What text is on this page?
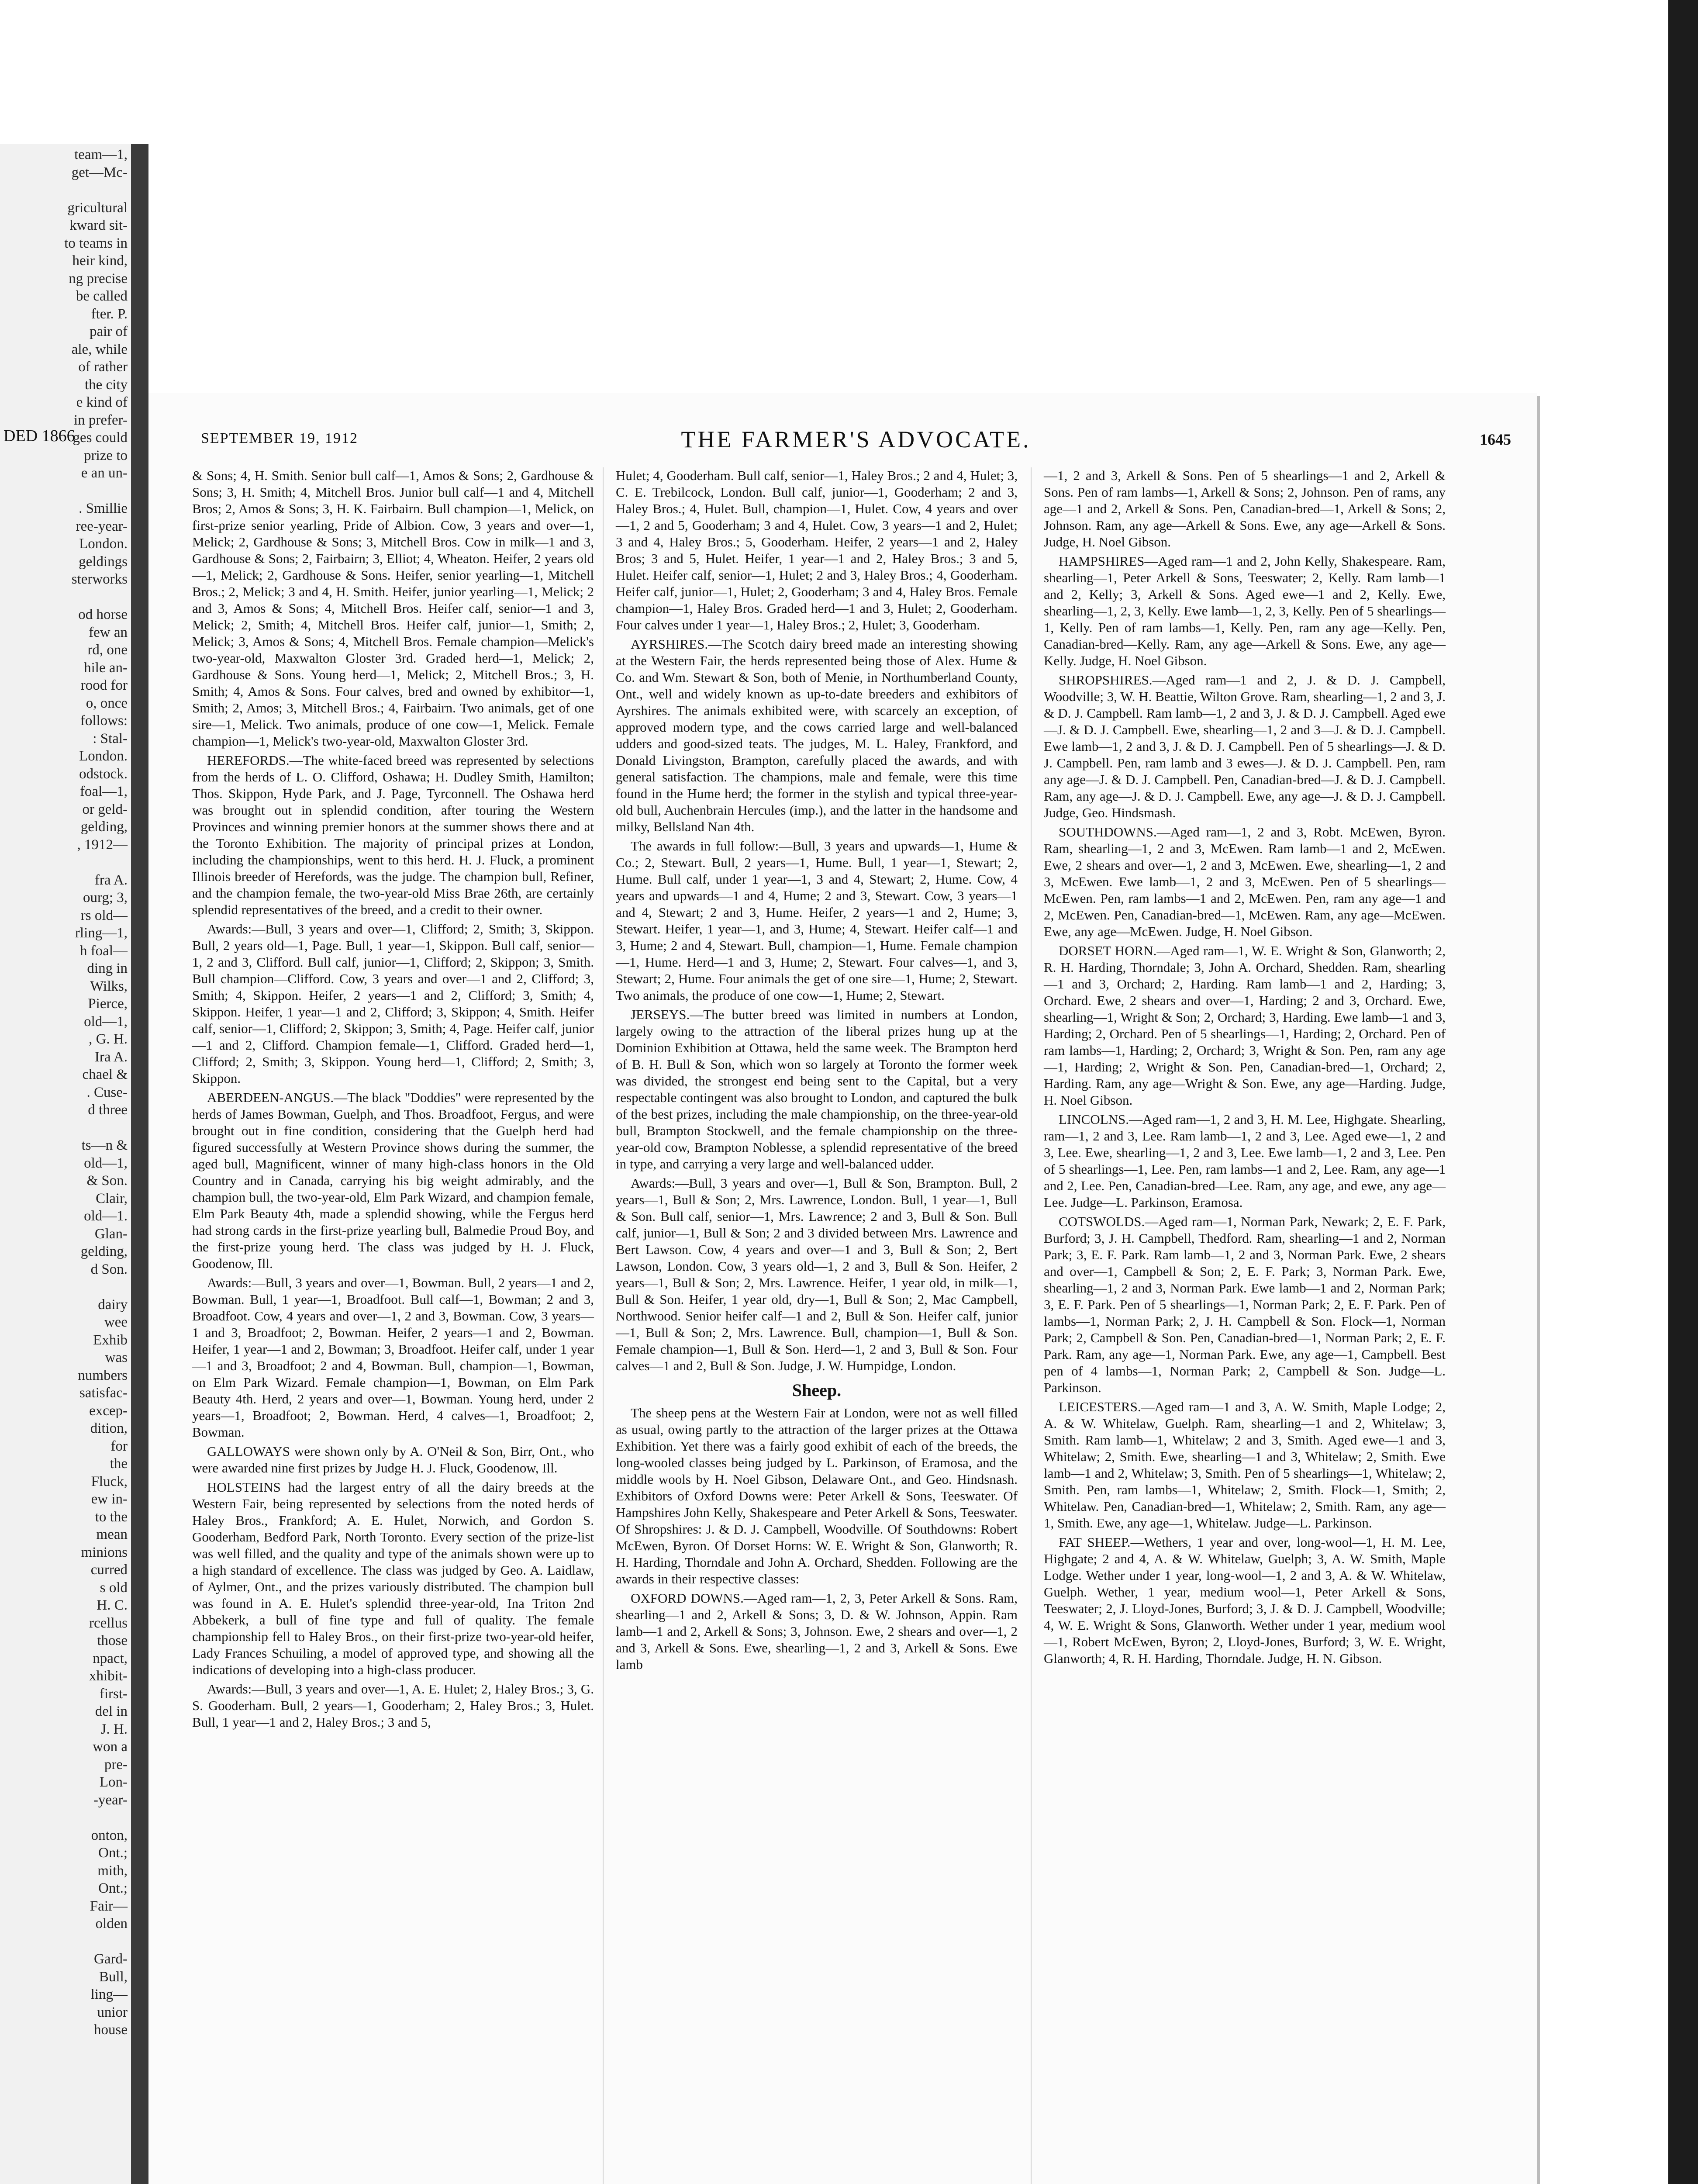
team—1,
get—Mc-

gricultural
kward sit-
to teams in
heir kind,
ng precise
be called
fter. P.
pair of
ale, while
of rather
the city
e kind of
in prefer-
ges could
prize to
e an un-

. Smillie
ree-year-
London.
geldings
sterworks

od horse
few an
rd, one
hile an-
rood for
o, once
follows:
: Stal-
London.
odstock.
foal—1,
or geld-
gelding,
, 1912—

fra A.
ourg; 3,
rs old—
rling—1,
h foal—
ding in
Wilks,
Pierce,
old—1,
, G. H.
Ira A.
chael &
. Cuse-
d three

ts—n &
old—1,
& Son.
Clair,
old—1.
Glan-
gelding,
d Son.

dairy
wee
Exhib
was
numbers
satisfac-
excep-
dition,
for
the
Fluck,
ew in-
to the
mean
minions
curred
s old
H. C.
rcellus
those
npact,
xhibit-
first-
del in
J. H.
won a
pre-
Lon-
-year-

onton,
Ont.;
mith,
Ont.;
Fair—
olden

Gard-
Bull,
ling—
unior
house
DED 1866	SEPTEMBER 19, 1912	THE FARMER'S ADVOCATE.	1645

& Sons; 4, H. Smith. Senior bull calf—1, Amos & Sons; 2, Gardhouse & Sons; 3, H. Smith; 4, Mitchell Bros. Junior bull calf—1 and 4, Mitchell Bros; 2, Amos & Sons; 3, H. K. Fairbairn. Bull champion—1, Melick, on first-prize senior yearling, Pride of Albion. Cow, 3 years and over—1, Melick; 2, Gardhouse & Sons; 3, Mitchell Bros. Cow in milk—1 and 3, Gardhouse & Sons; 2, Fairbairn; 3, Elliot; 4, Wheaton. Heifer, 2 years old—1, Melick; 2, Gardhouse & Sons. Heifer, senior yearling—1, Mitchell Bros.; 2, Melick; 3 and 4, H. Smith. Heifer, junior yearling—1, Melick; 2 and 3, Amos & Sons; 4, Mitchell Bros. Heifer calf, senior—1 and 3, Melick; 2, Smith; 4, Mitchell Bros. Heifer calf, junior—1, Smith; 2, Melick; 3, Amos & Sons; 4, Mitchell Bros. Female champion—Melick's two-year-old, Maxwalton Gloster 3rd. Graded herd—1, Melick; 2, Gardhouse & Sons. Young herd—1, Melick; 2, Mitchell Bros.; 3, H. Smith; 4, Amos & Sons. Four calves, bred and owned by exhibitor—1, Smith; 2, Amos; 3, Mitchell Bros.; 4, Fairbairn. Two animals, get of one sire—1, Melick. Two animals, produce of one cow—1, Melick. Female champion—1, Melick's two-year-old, Maxwalton Gloster 3rd.

HEREFORDS.—The white-faced breed was represented by selections from the herds of L. O. Clifford, Oshawa; H. Dudley Smith, Hamilton; Thos. Skippon, Hyde Park, and J. Page, Tyrconnell. The Oshawa herd was brought out in splendid condition, after touring the Western Provinces and winning premier honors at the summer shows there and at the Toronto Exhibition. The majority of principal prizes at London, including the championships, went to this herd. H. J. Fluck, a prominent Illinois breeder of Herefords, was the judge. The champion bull, Refiner, and the champion female, the two-year-old Miss Brae 26th, are certainly splendid representatives of the breed, and a credit to their owner.

Awards:—Bull, 3 years and over—1, Clifford; 2, Smith; 3, Skippon. Bull, 2 years old—1, Page. Bull, 1 year—1, Skippon. Bull calf, senior—1, 2 and 3, Clifford. Bull calf, junior—1, Clifford; 2, Skippon; 3, Smith. Bull champion—Clifford. Cow, 3 years and over—1 and 2, Clifford; 3, Smith; 4, Skippon. Heifer, 2 years—1 and 2, Clifford; 3, Smith; 4, Skippon. Heifer, 1 year—1 and 2, Clifford; 3, Skippon; 4, Smith. Heifer calf, senior—1, Clifford; 2, Skippon; 3, Smith; 4, Page. Heifer calf, junior—1 and 2, Clifford. Champion female—1, Clifford. Graded herd—1, Clifford; 2, Smith; 3, Skippon. Young herd—1, Clifford; 2, Smith; 3, Skippon.

ABERDEEN-ANGUS.—The black "Doddies" were represented by the herds of James Bowman, Guelph, and Thos. Broadfoot, Fergus, and were brought out in fine condition, considering that the Guelph herd had figured successfully at Western Province shows during the summer, the aged bull, Magnificent, winner of many high-class honors in the Old Country and in Canada, carrying his big weight admirably, and the champion bull, the two-year-old, Elm Park Wizard, and champion female, Elm Park Beauty 4th, made a splendid showing, while the Fergus herd had strong cards in the first-prize yearling bull, Balmedie Proud Boy, and the first-prize young herd. The class was judged by H. J. Fluck, Goodenow, Ill.

Awards:—Bull, 3 years and over—1, Bowman. Bull, 2 years—1 and 2, Bowman. Bull, 1 year—1, Broadfoot. Bull calf—1, Bowman; 2 and 3, Broadfoot. Cow, 4 years and over—1, 2 and 3, Bowman. Cow, 3 years—1 and 3, Broadfoot; 2, Bowman. Heifer, 2 years—1 and 2, Bowman. Heifer, 1 year—1 and 2, Bowman; 3, Broadfoot. Heifer calf, under 1 year—1 and 3, Broadfoot; 2 and 4, Bowman. Bull, champion—1, Bowman, on Elm Park Wizard. Female champion—1, Bowman, on Elm Park Beauty 4th. Herd, 2 years and over—1, Bowman. Young herd, under 2 years—1, Broadfoot; 2, Bowman. Herd, 4 calves—1, Broadfoot; 2, Bowman.

GALLOWAYS were shown only by A. O'Neil & Son, Birr, Ont., who were awarded nine first prizes by Judge H. J. Fluck, Goodenow, Ill.

HOLSTEINS had the largest entry of all the dairy breeds at the Western Fair, being represented by selections from the noted herds of Haley Bros., Frankford; A. E. Hulet, Norwich, and Gordon S. Gooderham, Bedford Park, North Toronto. Every section of the prize-list was well filled, and the quality and type of the animals shown were up to a high standard of excellence. The class was judged by Geo. A. Laidlaw, of Aylmer, Ont., and the prizes variously distributed. The champion bull was found in A. E. Hulet's splendid three-year-old, Ina Triton 2nd Abbekerk, a bull of fine type and full of quality. The female championship fell to Haley Bros., on their first-prize two-year-old heifer, Lady Frances Schuiling, a model of approved type, and showing all the indications of developing into a high-class producer.

Awards:—Bull, 3 years and over—1, A. E. Hulet; 2, Haley Bros.; 3, G. S. Gooderham. Bull, 2 years—1, Gooderham; 2, Haley Bros.; 3, Hulet. Bull, 1 year—1 and 2, Haley Bros.; 3 and 5,

Hulet; 4, Gooderham. Bull calf, senior—1, Haley Bros.; 2 and 4, Hulet; 3, C. E. Trebilcock, London. Bull calf, junior—1, Gooderham; 2 and 3, Haley Bros.; 4, Hulet. Bull, champion—1, Hulet. Cow, 4 years and over—1, 2 and 5, Gooderham; 3 and 4, Hulet. Cow, 3 years—1 and 2, Hulet; 3 and 4, Haley Bros.; 5, Gooderham. Heifer, 2 years—1 and 2, Haley Bros; 3 and 5, Hulet. Heifer, 1 year—1 and 2, Haley Bros.; 3 and 5, Hulet. Heifer calf, senior—1, Hulet; 2 and 3, Haley Bros.; 4, Gooderham. Heifer calf, junior—1, Hulet; 2, Gooderham; 3 and 4, Haley Bros. Female champion—1, Haley Bros. Graded herd—1 and 3, Hulet; 2, Gooderham. Four calves under 1 year—1, Haley Bros.; 2, Hulet; 3, Gooderham.

AYRSHIRES.—The Scotch dairy breed made an interesting showing at the Western Fair, the herds represented being those of Alex. Hume & Co. and Wm. Stewart & Son, both of Menie, in Northumberland County, Ont., well and widely known as up-to-date breeders and exhibitors of Ayrshires. The animals exhibited were, with scarcely an exception, of approved modern type, and the cows carried large and well-balanced udders and good-sized teats. The judges, M. L. Haley, Frankford, and Donald Livingston, Brampton, carefully placed the awards, and with general satisfaction. The champions, male and female, were this time found in the Hume herd; the former in the stylish and typical three-year-old bull, Auchenbrain Hercules (imp.), and the latter in the handsome and milky, Bellsland Nan 4th.

The awards in full follow:—Bull, 3 years and upwards—1, Hume & Co.; 2, Stewart. Bull, 2 years—1, Hume. Bull, 1 year—1, Stewart; 2, Hume. Bull calf, under 1 year—1, 3 and 4, Stewart; 2, Hume. Cow, 4 years and upwards—1 and 4, Hume; 2 and 3, Stewart. Cow, 3 years—1 and 4, Stewart; 2 and 3, Hume. Heifer, 2 years—1 and 2, Hume; 3, Stewart. Heifer, 1 year—1, and 3, Hume; 4, Stewart. Heifer calf—1 and 3, Hume; 2 and 4, Stewart. Bull, champion—1, Hume. Female champion—1, Hume. Herd—1 and 3, Hume; 2, Stewart. Four calves—1, and 3, Stewart; 2, Hume. Four animals the get of one sire—1, Hume; 2, Stewart. Two animals, the produce of one cow—1, Hume; 2, Stewart.

JERSEYS.—The butter breed was limited in numbers at London, largely owing to the attraction of the liberal prizes hung up at the Dominion Exhibition at Ottawa, held the same week. The Brampton herd of B. H. Bull & Son, which won so largely at Toronto the former week was divided, the strongest end being sent to the Capital, but a very respectable contingent was also brought to London, and captured the bulk of the best prizes, including the male championship, on the three-year-old bull, Brampton Stockwell, and the female championship on the three-year-old cow, Brampton Noblesse, a splendid representative of the breed in type, and carrying a very large and well-balanced udder.

Awards:—Bull, 3 years and over—1, Bull & Son, Brampton. Bull, 2 years—1, Bull & Son; 2, Mrs. Lawrence, London. Bull, 1 year—1, Bull & Son. Bull calf, senior—1, Mrs. Lawrence; 2 and 3, Bull & Son. Bull calf, junior—1, Bull & Son; 2 and 3 divided between Mrs. Lawrence and Bert Lawson. Cow, 4 years and over—1 and 3, Bull & Son; 2, Bert Lawson, London. Cow, 3 years old—1, 2 and 3, Bull & Son. Heifer, 2 years—1, Bull & Son; 2, Mrs. Lawrence. Heifer, 1 year old, in milk—1, Bull & Son. Heifer, 1 year old, dry—1, Bull & Son; 2, Mac Campbell, Northwood. Senior heifer calf—1 and 2, Bull & Son. Heifer calf, junior—1, Bull & Son; 2, Mrs. Lawrence. Bull, champion—1, Bull & Son. Female champion—1, Bull & Son. Herd—1, 2 and 3, Bull & Son. Four calves—1 and 2, Bull & Son. Judge, J. W. Humpidge, London.

Sheep.

The sheep pens at the Western Fair at London, were not as well filled as usual, owing partly to the attraction of the larger prizes at the Ottawa Exhibition. Yet there was a fairly good exhibit of each of the breeds, the long-wooled classes being judged by L. Parkinson, of Eramosa, and the middle wools by H. Noel Gibson, Delaware Ont., and Geo. Hindsnash. Exhibitors of Oxford Downs were: Peter Arkell & Sons, Teeswater. Of Hampshires John Kelly, Shakespeare and Peter Arkell & Sons, Teeswater. Of Shropshires: J. & D. J. Campbell, Woodville. Of Southdowns: Robert McEwen, Byron. Of Dorset Horns: W. E. Wright & Son, Glanworth; R. H. Harding, Thorndale and John A. Orchard, Shedden. Following are the awards in their respective classes:

OXFORD DOWNS.—Aged ram—1, 2, 3, Peter Arkell & Sons. Ram, shearling—1 and 2, Arkell & Sons; 3, D. & W. Johnson, Appin. Ram lamb—1 and 2, Arkell & Sons; 3, Johnson. Ewe, 2 shears and over—1, 2 and 3, Arkell & Sons. Ewe, shearling—1, 2 and 3, Arkell & Sons. Ewe lamb

—1, 2 and 3, Arkell & Sons. Pen of 5 shearlings—1 and 2, Arkell & Sons. Pen of ram lambs—1, Arkell & Sons; 2, Johnson. Pen of rams, any age—1 and 2, Arkell & Sons. Pen, Canadian-bred—1, Arkell & Sons; 2, Johnson. Ram, any age—Arkell & Sons. Ewe, any age—Arkell & Sons. Judge, H. Noel Gibson.

HAMPSHIRES—Aged ram—1 and 2, John Kelly, Shakespeare. Ram, shearling—1, Peter Arkell & Sons, Teeswater; 2, Kelly. Ram lamb—1 and 2, Kelly; 3, Arkell & Sons. Aged ewe—1 and 2, Kelly. Ewe, shearling—1, 2, 3, Kelly. Ewe lamb—1, 2, 3, Kelly. Pen of 5 shearlings—1, Kelly. Pen of ram lambs—1, Kelly. Pen, ram any age—Kelly. Pen, Canadian-bred—Kelly. Ram, any age—Arkell & Sons. Ewe, any age—Kelly. Judge, H. Noel Gibson.

SHROPSHIRES.—Aged ram—1 and 2, J. & D. J. Campbell, Woodville; 3, W. H. Beattie, Wilton Grove. Ram, shearling—1, 2 and 3, J. & D. J. Campbell. Ram lamb—1, 2 and 3, J. & D. J. Campbell. Aged ewe—J. & D. J. Campbell. Ewe, shearling—1, 2 and 3—J. & D. J. Campbell. Ewe lamb—1, 2 and 3, J. & D. J. Campbell. Pen of 5 shearlings—J. & D. J. Campbell. Pen, ram lamb and 3 ewes—J. & D. J. Campbell. Pen, ram any age—J. & D. J. Campbell. Pen, Canadian-bred—J. & D. J. Campbell. Ram, any age—J. & D. J. Campbell. Ewe, any age—J. & D. J. Campbell. Judge, Geo. Hindsmash.

SOUTHDOWNS.—Aged ram—1, 2 and 3, Robt. McEwen, Byron. Ram, shearling—1, 2 and 3, McEwen. Ram lamb—1 and 2, McEwen. Ewe, 2 shears and over—1, 2 and 3, McEwen. Ewe, shearling—1, 2 and 3, McEwen. Ewe lamb—1, 2 and 3, McEwen. Pen of 5 shearlings—McEwen. Pen, ram lambs—1 and 2, McEwen. Pen, ram any age—1 and 2, McEwen. Pen, Canadian-bred—1, McEwen. Ram, any age—McEwen. Ewe, any age—McEwen. Judge, H. Noel Gibson.

DORSET HORN.—Aged ram—1, W. E. Wright & Son, Glanworth; 2, R. H. Harding, Thorndale; 3, John A. Orchard, Shedden. Ram, shearling—1 and 3, Orchard; 2, Harding. Ram lamb—1 and 2, Harding; 3, Orchard. Ewe, 2 shears and over—1, Harding; 2 and 3, Orchard. Ewe, shearling—1, Wright & Son; 2, Orchard; 3, Harding. Ewe lamb—1 and 3, Harding; 2, Orchard. Pen of 5 shearlings—1, Harding; 2, Orchard. Pen of ram lambs—1, Harding; 2, Orchard; 3, Wright & Son. Pen, ram any age—1, Harding; 2, Wright & Son. Pen, Canadian-bred—1, Orchard; 2, Harding. Ram, any age—Wright & Son. Ewe, any age—Harding. Judge, H. Noel Gibson.

LINCOLNS.—Aged ram—1, 2 and 3, H. M. Lee, Highgate. Shearling, ram—1, 2 and 3, Lee. Ram lamb—1, 2 and 3, Lee. Aged ewe—1, 2 and 3, Lee. Ewe, shearling—1, 2 and 3, Lee. Ewe lamb—1, 2 and 3, Lee. Pen of 5 shearlings—1, Lee. Pen, ram lambs—1 and 2, Lee. Ram, any age—1 and 2, Lee. Pen, Canadian-bred—Lee. Ram, any age, and ewe, any age—Lee. Judge—L. Parkinson, Eramosa.

COTSWOLDS.—Aged ram—1, Norman Park, Newark; 2, E. F. Park, Burford; 3, J. H. Campbell, Thedford. Ram, shearling—1 and 2, Norman Park; 3, E. F. Park. Ram lamb—1, 2 and 3, Norman Park. Ewe, 2 shears and over—1, Campbell & Son; 2, E. F. Park; 3, Norman Park. Ewe, shearling—1, 2 and 3, Norman Park. Ewe lamb—1 and 2, Norman Park; 3, E. F. Park. Pen of 5 shearlings—1, Norman Park; 2, E. F. Park. Pen of lambs—1, Norman Park; 2, J. H. Campbell & Son. Flock—1, Norman Park; 2, Campbell & Son. Pen, Canadian-bred—1, Norman Park; 2, E. F. Park. Ram, any age—1, Norman Park. Ewe, any age—1, Campbell. Best pen of 4 lambs—1, Norman Park; 2, Campbell & Son. Judge—L. Parkinson.

LEICESTERS.—Aged ram—1 and 3, A. W. Smith, Maple Lodge; 2, A. & W. Whitelaw, Guelph. Ram, shearling—1 and 2, Whitelaw; 3, Smith. Ram lamb—1, Whitelaw; 2 and 3, Smith. Aged ewe—1 and 3, Whitelaw; 2, Smith. Ewe, shearling—1 and 3, Whitelaw; 2, Smith. Ewe lamb—1 and 2, Whitelaw; 3, Smith. Pen of 5 shearlings—1, Whitelaw; 2, Smith. Pen, ram lambs—1, Whitelaw; 2, Smith. Flock—1, Smith; 2, Whitelaw. Pen, Canadian-bred—1, Whitelaw; 2, Smith. Ram, any age—1, Smith. Ewe, any age—1, Whitelaw. Judge—L. Parkinson.

FAT SHEEP.—Wethers, 1 year and over, long-wool—1, H. M. Lee, Highgate; 2 and 4, A. & W. Whitelaw, Guelph; 3, A. W. Smith, Maple Lodge. Wether under 1 year, long-wool—1, 2 and 3, A. & W. Whitelaw, Guelph. Wether, 1 year, medium wool—1, Peter Arkell & Sons, Teeswater; 2, J. Lloyd-Jones, Burford; 3, J. & D. J. Campbell, Woodville; 4, W. E. Wright & Sons, Glanworth. Wether under 1 year, medium wool—1, Robert McEwen, Byron; 2, Lloyd-Jones, Burford; 3, W. E. Wright, Glanworth; 4, R. H. Harding, Thorndale. Judge, H. N. Gibson.
